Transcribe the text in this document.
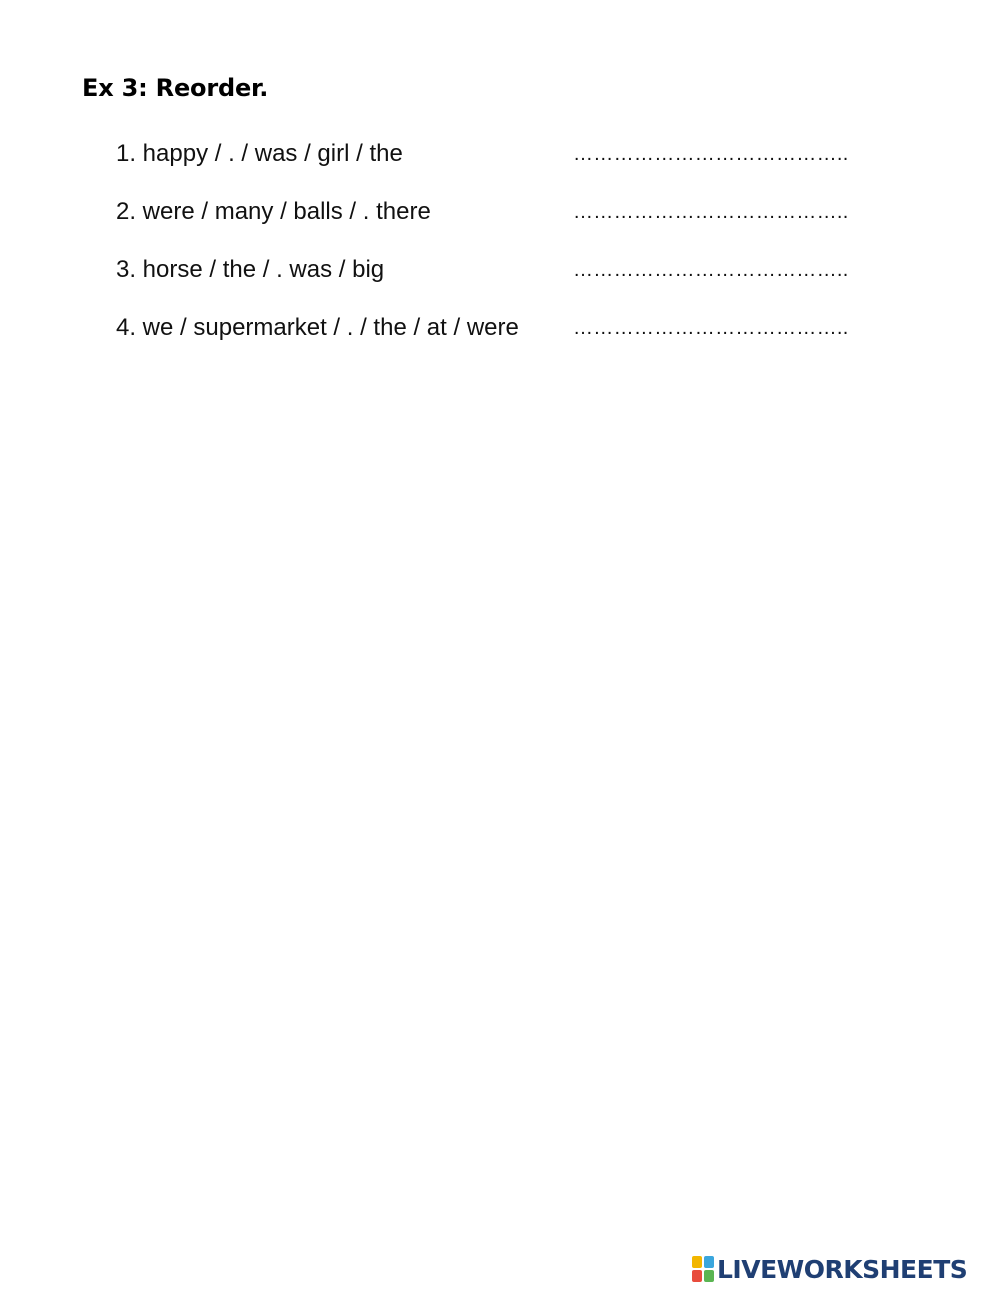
Ex 3: Reorder.
1. happy / . / was / girl / the	…………………………………..
2. were / many / balls / . there	…………………………………..
3. horse / the / . was / big	…………………………………..
4. we / supermarket / . / the / at / were	…………………………………..
LIVEWORKSHEETS
